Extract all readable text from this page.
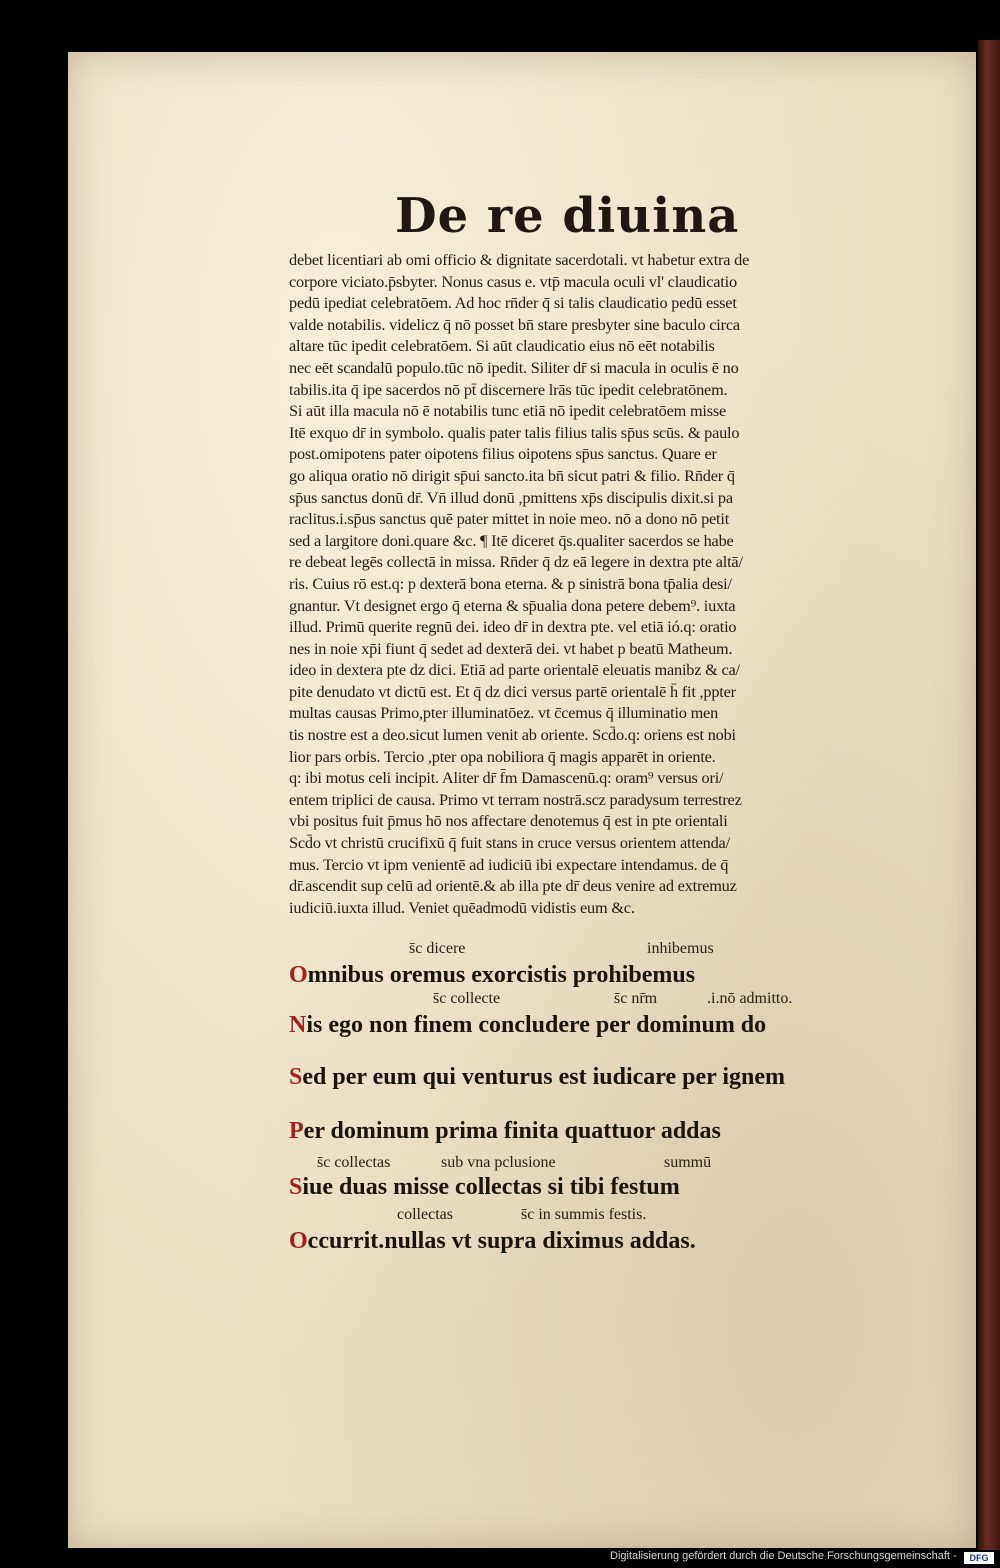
De re diuina
debet licentiari ab omi officio & dignitate sacerdotali. vt habetur extra de
corpore viciato.p̄sbyter. Nonus casus e. vtp̄ macula oculi vl' claudicatio
pedū ipediat celebratōem. Ad hoc rn̄der q̄ si talis claudicatio pedū esset
valde notabilis. videlicz q̄ nō posset bn̄ stare presbyter sine baculo circa
altare tūc ipedit celebratōem. Si aūt claudicatio eius nō eēt notabilis
nec eēt scandalū populo.tūc nō ipedit. Siliter dr̄ si macula in oculis ē no
tabilis.ita q̄ ipe sacerdos nō pt̄ discernere lrās tūc ipedit celebratōnem.
Si aūt illa macula nō ē notabilis tunc etiā nō ipedit celebratōem misse
Itē exquo dr̄ in symbolo. qualis pater talis filius talis sp̄us scūs. & paulo
post.omipotens pater oipotens filius oipotens sp̄us sanctus. Quare er
go aliqua oratio nō dirigit sp̄ui sancto.ita bn̄ sicut patri & filio. Rn̄der q̄
sp̄us sanctus donū dr̄. Vn̄ illud donū ,pmittens xp̄s discipulis dixit.si pa
raclitus.i.sp̄us sanctus quē pater mittet in noie meo. nō a dono nō petit
sed a largitore doni.quare &c. ¶ Itē diceret q̄s.qualiter sacerdos se habe
re debeat legēs collectā in missa. Rn̄der q̄ dz eā legere in dextra pte altā/
ris. Cuius rō est.q: p dexterā bona eterna. & p sinistrā bona tp̄alia desi/
gnantur. Vt designet ergo q̄ eterna & sp̄ualia dona petere debem⁹. iuxta
illud. Primū querite regnū dei. ideo dr̄ in dextra pte. vel etiā ió.q: oratio
nes in noie xp̄i fiunt q̄ sedet ad dexterā dei. vt habet p beatū Matheum.
ideo in dextera pte dz dici. Etiā ad parte orientalē eleuatis manibz & ca/
pite denudato vt dictū est. Et q̄ dz dici versus partē orientalē h̄ fit ,ppter
multas causas Primo,pter illuminatōez. vt c̄cemus q̄ illuminatio men
tis nostre est a deo.sicut lumen venit ab oriente. Scd̄o.q: oriens est nobi
lior pars orbis. Tercio ,pter opa nobiliora q̄ magis apparēt in oriente.
q: ibi motus celi incipit. Aliter dr̄ f̄m Damascenū.q: oram⁹ versus ori/
entem triplici de causa. Primo vt terram nostrā.scz paradysum terrestrez
vbi positus fuit p̄mus hō nos affectare denotemus q̄ est in pte orientali
Scd̄o vt christū crucifixū q̄ fuit stans in cruce versus orientem attenda/
mus. Tercio vt ipm venientē ad iudiciū ibi expectare intendamus. de q̄
dr̄.ascendit sup celū ad orientē.& ab illa pte dr̄ deus venire ad extremuz
iudiciū.iuxta illud. Veniet quēadmodū vidistis eum &c.
s̄c dicere	inhibemus
Omnibus oremus exorcistis prohibemus
s̄c collecte	s̄c nr̄m	.i.nō admitto.
Nis ego non finem concludere per dominum do
Sed per eum qui venturus est iudicare per ignem
Per dominum prima finita quattuor addas
s̄c collectas	sub vna pclusione	summū
Siue duas misse collectas si tibi festum
collectas	s̄c in summis festis.
Occurrit.nullas vt supra diximus addas.
Digitalisierung gefördert durch die Deutsche Forschungsgemeinschaft -	DFG
